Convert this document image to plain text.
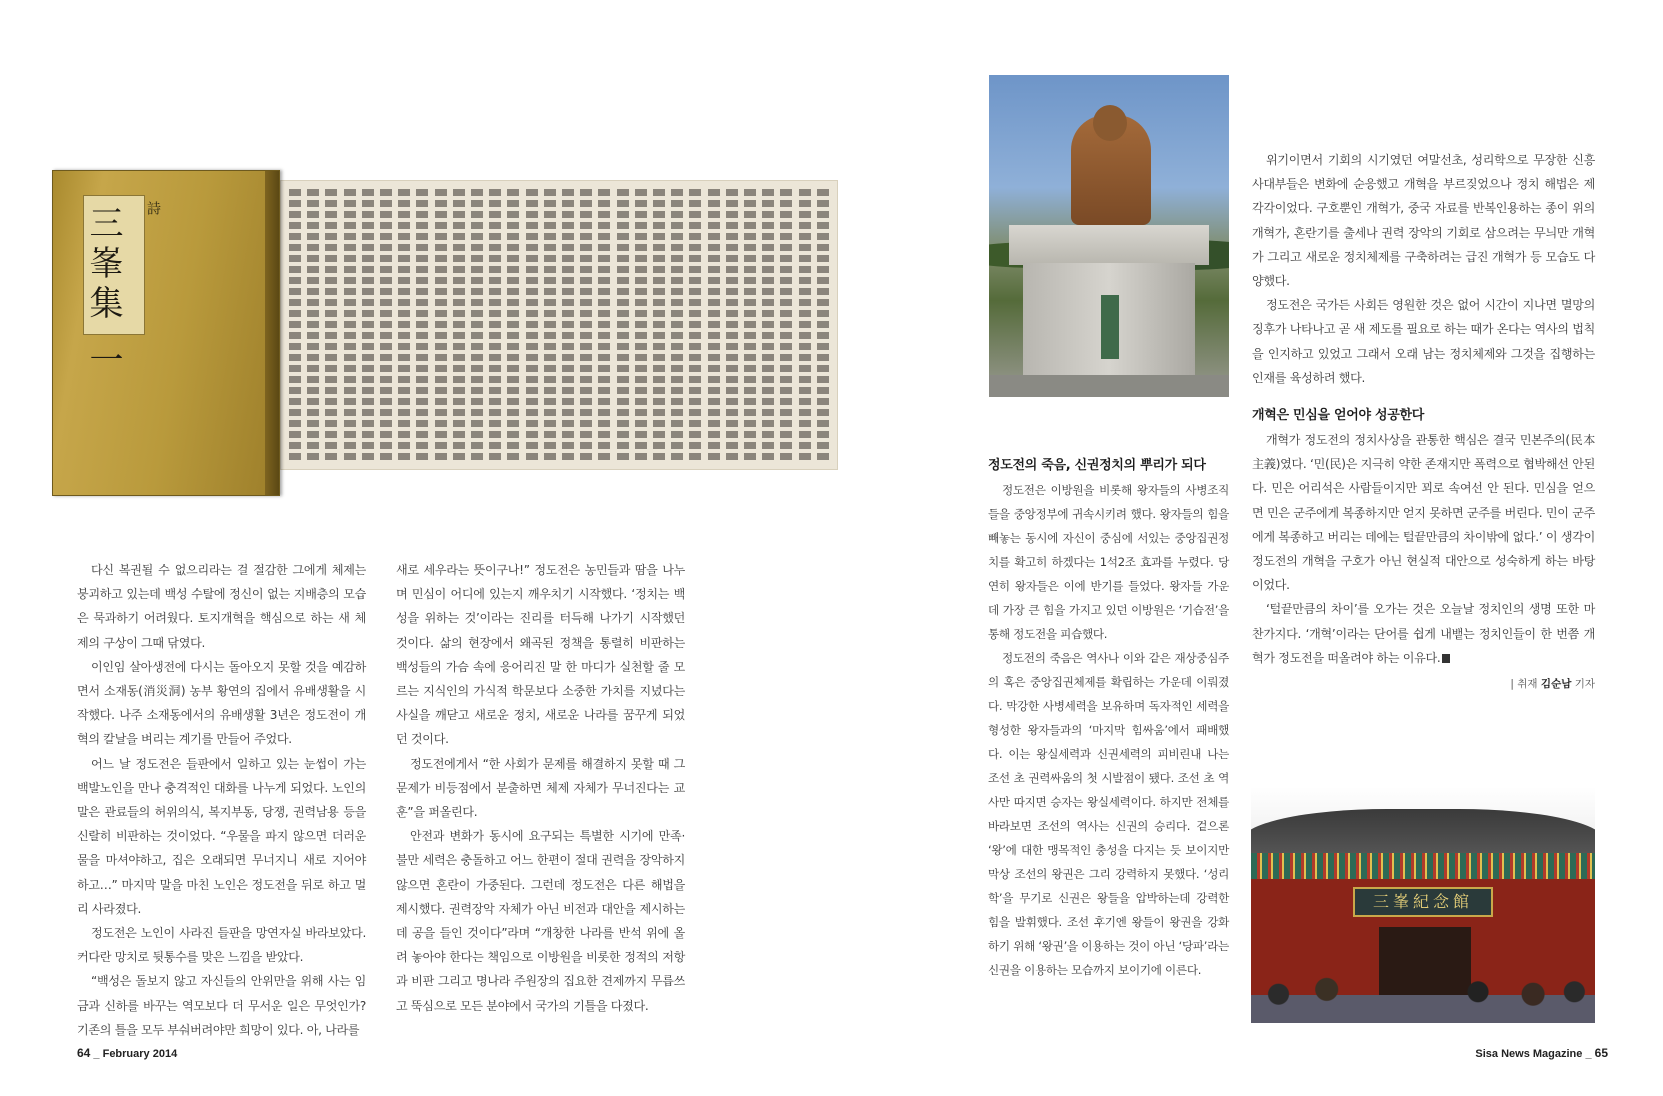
三峯集 一	詩

다신 복권될 수 없으리라는 걸 절감한 그에게 체제는 붕괴하고 있는데 백성 수탈에 정신이 없는 지배층의 모습은 묵과하기 어려웠다. 토지개혁을 핵심으로 하는 새 체제의 구상이 그때 닦였다.

이인임 살아생전에 다시는 돌아오지 못할 것을 예감하면서 소재동(消災洞) 농부 황연의 집에서 유배생활을 시작했다. 나주 소재동에서의 유배생활 3년은 정도전이 개혁의 칼날을 벼리는 계기를 만들어 주었다.

어느 날 정도전은 들판에서 일하고 있는 눈썹이 가는 백발노인을 만나 충격적인 대화를 나누게 되었다. 노인의 말은 관료들의 허위의식, 복지부동, 당쟁, 권력남용 등을 신랄히 비판하는 것이었다. “우물을 파지 않으면 더러운 물을 마셔야하고, 집은 오래되면 무너지니 새로 지어야 하고…” 마지막 말을 마친 노인은 정도전을 뒤로 하고 멀리 사라졌다.

정도전은 노인이 사라진 들판을 망연자실 바라보았다. 커다란 망치로 뒷통수를 맞은 느낌을 받았다.

“백성은 돌보지 않고 자신들의 안위만을 위해 사는 임금과 신하를 바꾸는 역모보다 더 무서운 일은 무엇인가? 기존의 틀을 모두 부숴버려야만 희망이 있다. 아, 나라를

새로 세우라는 뜻이구나!” 정도전은 농민들과 땀을 나누며 민심이 어디에 있는지 깨우치기 시작했다. ‘정치는 백성을 위하는 것’이라는 진리를 터득해 나가기 시작했던 것이다. 삶의 현장에서 왜곡된 정책을 통렬히 비판하는 백성들의 가슴 속에 응어리진 말 한 마디가 실천할 줄 모르는 지식인의 가식적 학문보다 소중한 가치를 지녔다는 사실을 깨닫고 새로운 정치, 새로운 나라를 꿈꾸게 되었던 것이다.

정도전에게서 “한 사회가 문제를 해결하지 못할 때 그 문제가 비등점에서 분출하면 체제 자체가 무너진다는 교훈”을 퍼올린다.

안전과 변화가 동시에 요구되는 특별한 시기에 만족·불만 세력은 충돌하고 어느 한편이 절대 권력을 장악하지 않으면 혼란이 가중된다. 그런데 정도전은 다른 해법을 제시했다. 권력장악 자체가 아닌 비전과 대안을 제시하는데 공을 들인 것이다”라며 “개창한 나라를 반석 위에 올려 놓아야 한다는 책임으로 이방원을 비롯한 정적의 저항과 비판 그리고 명나라 주원장의 집요한 견제까지 무릅쓰고 뚝심으로 모든 분야에서 국가의 기틀을 다졌다.

정도전의 죽음, 신권정치의 뿌리가 되다

정도전은 이방원을 비롯해 왕자들의 사병조직들을 중앙정부에 귀속시키려 했다. 왕자들의 힘을 빼놓는 동시에 자신이 중심에 서있는 중앙집권정치를 확고히 하겠다는 1석2조 효과를 누렸다. 당연히 왕자들은 이에 반기를 들었다. 왕자들 가운데 가장 큰 힘을 가지고 있던 이방원은 ‘기습전’을 통해 정도전을 피습했다.

정도전의 죽음은 역사나 이와 같은 재상중심주의 혹은 중앙집권체제를 확립하는 가운데 이뤄졌다. 막강한 사병세력을 보유하며 독자적인 세력을 형성한 왕자들과의 ‘마지막 힘싸움’에서 패배했다. 이는 왕실세력과 신권세력의 피비린내 나는 조선 초 권력싸움의 첫 시발점이 됐다. 조선 초 역사만 따지면 승자는 왕실세력이다. 하지만 전체를 바라보면 조선의 역사는 신권의 승리다. 겉으론 ‘왕’에 대한 맹목적인 충성을 다지는 듯 보이지만 막상 조선의 왕권은 그리 강력하지 못했다. ‘성리학’을 무기로 신권은 왕들을 압박하는데 강력한 힘을 발휘했다. 조선 후기엔 왕들이 왕권을 강화하기 위해 ‘왕권’을 이용하는 것이 아닌 ‘당파’라는 신권을 이용하는 모습까지 보이기에 이른다.

위기이면서 기회의 시기였던 여말선초, 성리학으로 무장한 신흥 사대부들은 변화에 순응했고 개혁을 부르짖었으나 정치 해법은 제각각이었다. 구호뿐인 개혁가, 중국 자료를 반복인용하는 종이 위의 개혁가, 혼란기를 출세나 권력 장악의 기회로 삼으려는 무늬만 개혁가 그리고 새로운 정치체제를 구축하려는 급진 개혁가 등 모습도 다양했다.

정도전은 국가든 사회든 영원한 것은 없어 시간이 지나면 멸망의 징후가 나타나고 곧 새 제도를 필요로 하는 때가 온다는 역사의 법칙을 인지하고 있었고 그래서 오래 남는 정치체제와 그것을 집행하는 인재를 육성하려 했다.

개혁은 민심을 얻어야 성공한다

개혁가 정도전의 정치사상을 관통한 핵심은 결국 민본주의(民本主義)였다. ‘민(民)은 지극히 약한 존재지만 폭력으로 협박해선 안된다. 민은 어리석은 사람들이지만 꾀로 속여선 안 된다. 민심을 얻으면 민은 군주에게 복종하지만 얻지 못하면 군주를 버린다. 민이 군주에게 복종하고 버리는 데에는 털끝만큼의 차이밖에 없다.’ 이 생각이 정도전의 개혁을 구호가 아닌 현실적 대안으로 성숙하게 하는 바탕이었다.

‘털끝만큼의 차이’를 오가는 것은 오늘날 정치인의 생명 또한 마찬가지다. ‘개혁’이라는 단어를 쉽게 내뱉는 정치인들이 한 번쯤 개혁가 정도전을 떠올려야 하는 이유다.

| 취재 김순남 기자
三峯紀念館
64 _ February 2014	Sisa News Magazine _ 65
